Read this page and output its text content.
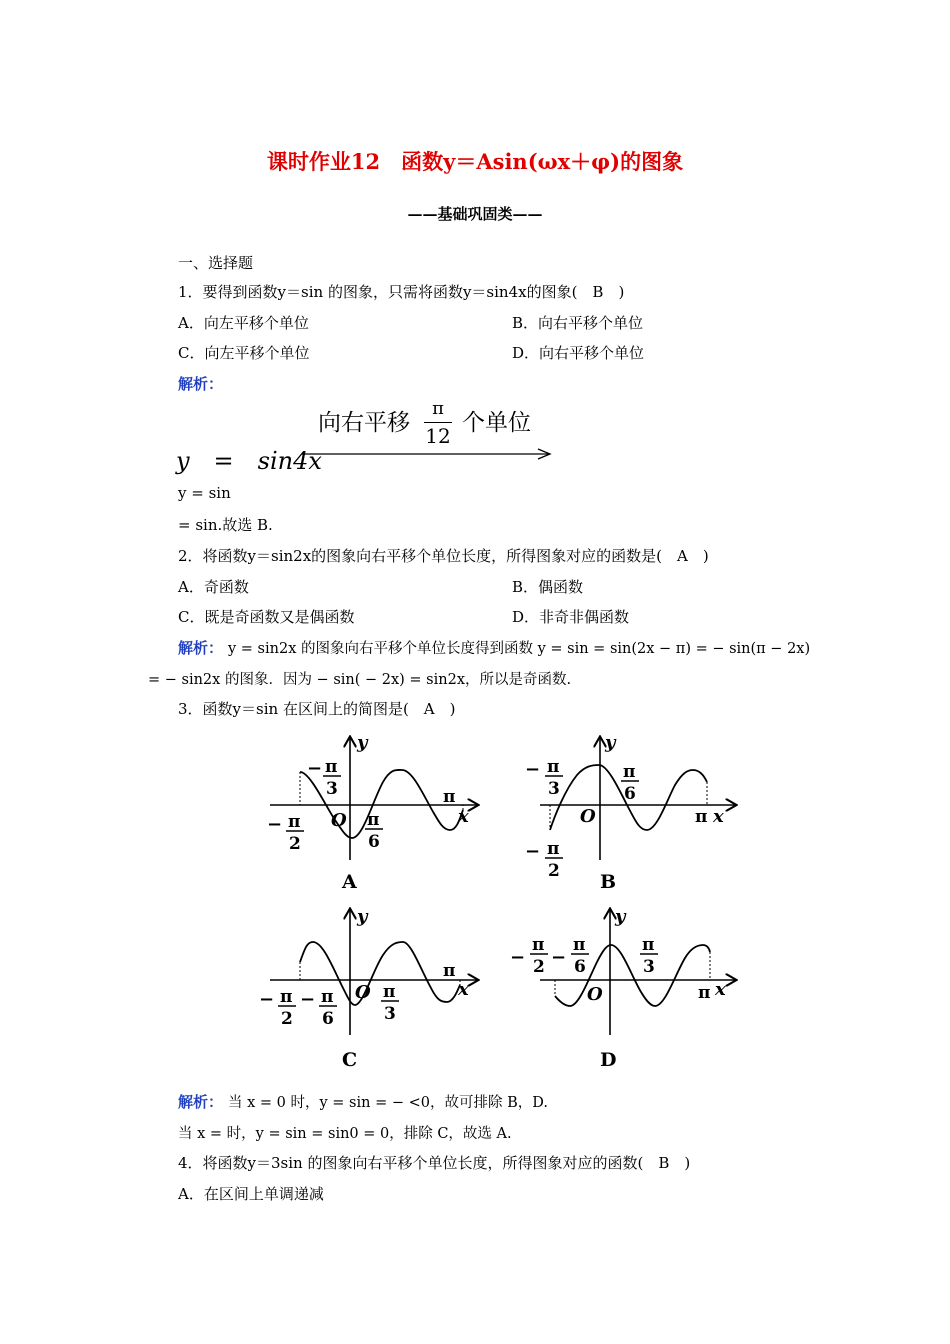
课时作业12　函数y＝Asin(ωx＋φ)的图象
——基础巩固类——
一、选择题
1．要得到函数y＝sin 的图象，只需将函数y＝sin4x的图象(　B　)
A．向左平移个单位	B．向右平移个单位
C．向左平移个单位	D．向右平移个单位
解析：
向右平移
π
12 个单位
y　=　sin4x
y = sin
= sin.故选 B.
2．将函数y＝sin2x的图象向右平移个单位长度，所得图象对应的函数是(　A　)
A．奇函数	B．偶函数
C．既是奇函数又是偶函数	D．非奇非偶函数
解析： y = sin2x 的图象向右平移个单位长度得到函数 y = sin = sin(2x − π) = − sin(π − 2x)
= − sin2x 的图象．因为 − sin( − 2x) = sin2x，所以是奇函数.
3．函数y＝sin 在区间上的简图是(　A　)
y
x
O
− π
3
− π
2
π
6
π
A
y
x
O
− π
3
π
6
− π
2
π
B
y
x
O
− π
2
− π
6
π
3
π
C
y
x
O
−
π
2 −
π
6
π
3
π
D
解析： 当 x = 0 时，y = sin = − <0，故可排除 B，D.
当 x = 时，y = sin = sin0 = 0，排除 C，故选 A.
4．将函数y＝3sin 的图象向右平移个单位长度，所得图象对应的函数(　B　)
A．在区间上单调递减
